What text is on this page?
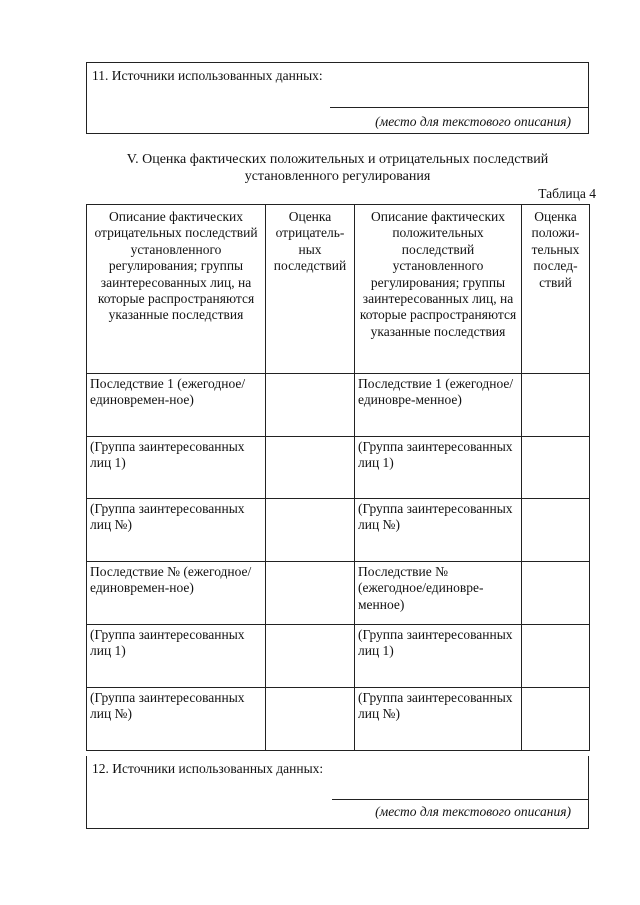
11. Источники использованных данных:
(место для текстового описания)
V. Оценка фактических положительных и отрицательных последствий установленного регулирования
Таблица 4
Описание фактических отрицательных последствий установленного регулирования; группы заинтересованных лиц, на которые распространяются указанные последствия	Оценка отрицатель-ных последствий	Описание фактических положительных последствий установленного регулирования; группы заинтересованных лиц, на которые распространяются указанные последствия	Оценка положи-тельных послед-ствий
Последствие 1 (ежегодное/единовремен-ное)		Последствие 1 (ежегодное/единовре-менное)	
(Группа заинтересованных лиц 1)		(Группа заинтересованных лиц 1)	
(Группа заинтересованных лиц №)		(Группа заинтересованных лиц №)	
Последствие № (ежегодное/единовремен-ное)		Последствие № (ежегодное/единовре-менное)	
(Группа заинтересованных лиц 1)		(Группа заинтересованных лиц 1)	
(Группа заинтересованных лиц №)		(Группа заинтересованных лиц №)	
12. Источники использованных данных:
(место для текстового описания)
